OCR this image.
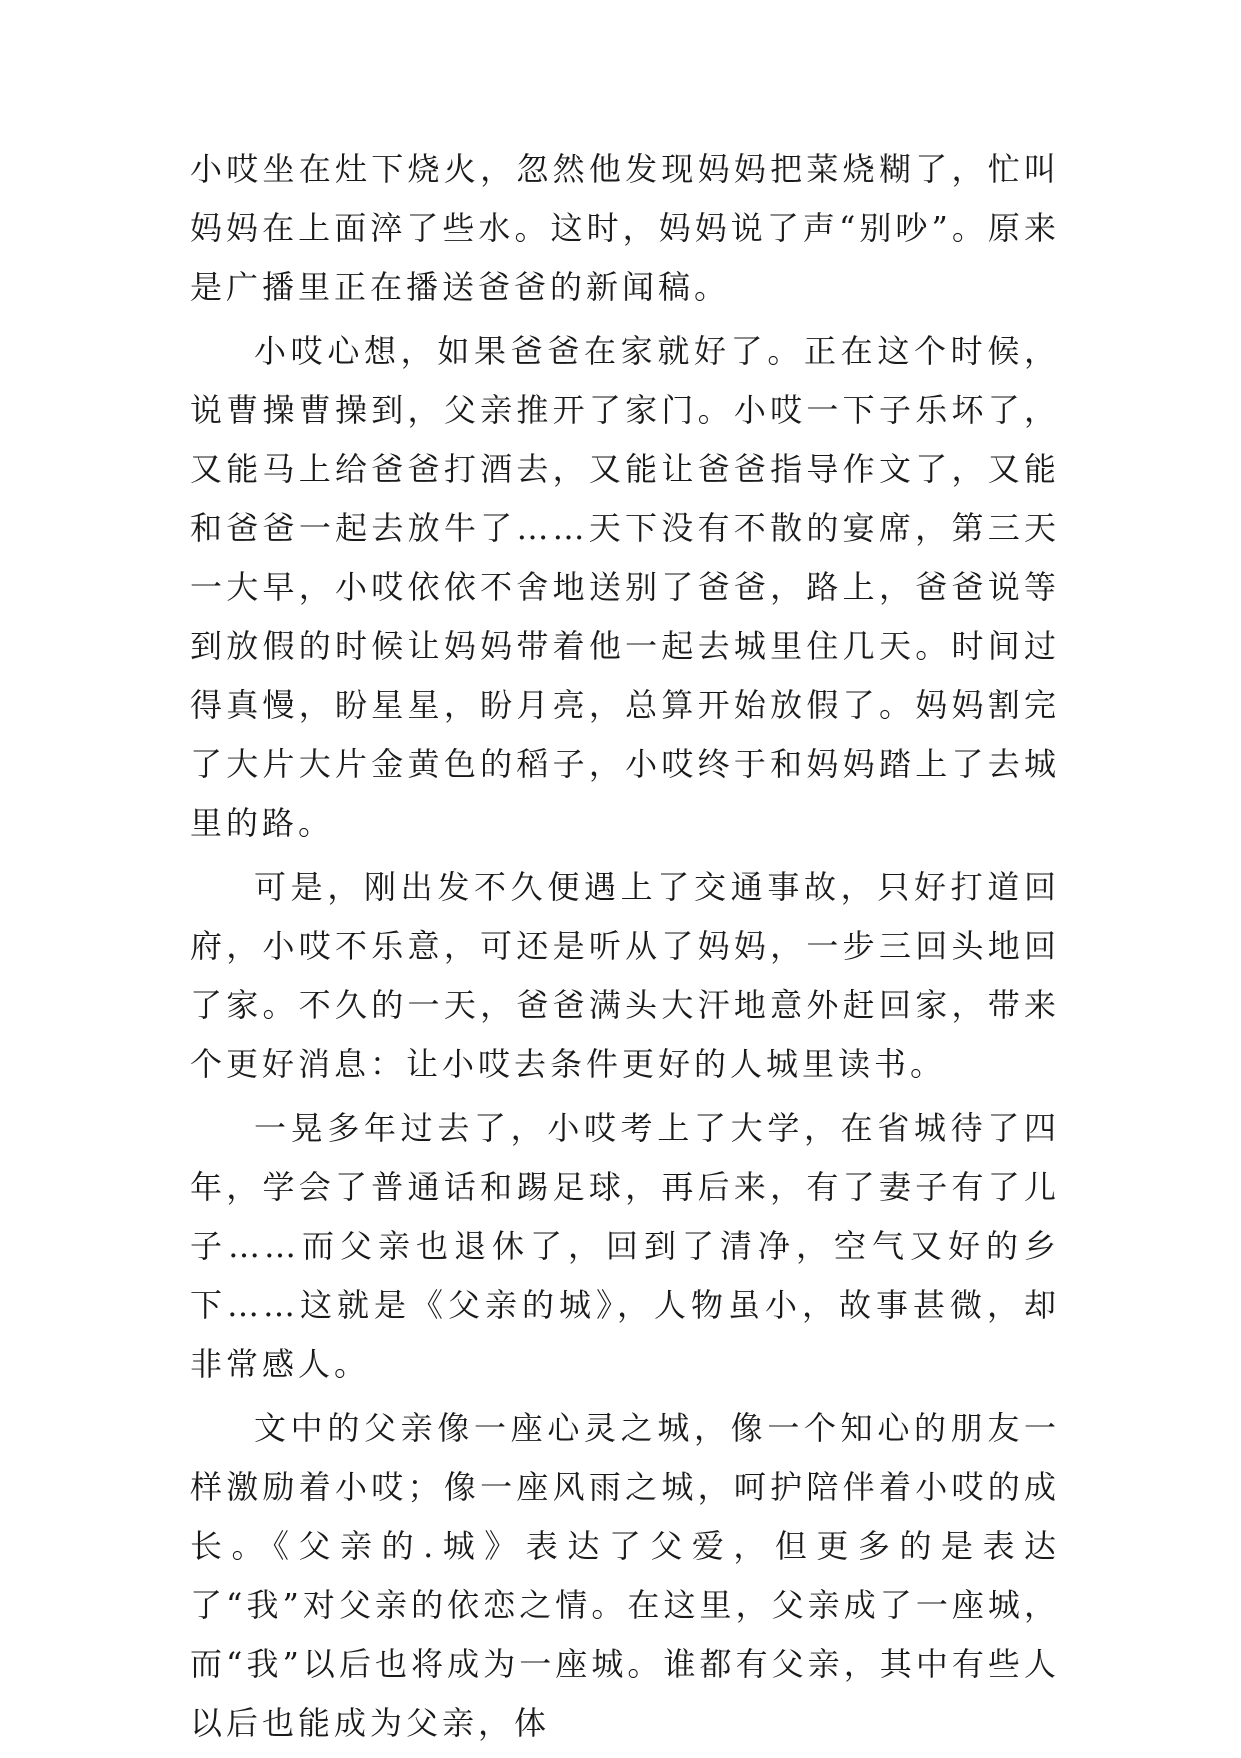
小哎坐在灶下烧火，忽然他发现妈妈把菜烧糊了，忙叫妈妈在上面淬了些水。这时，妈妈说了声“别吵”。原来是广播里正在播送爸爸的新闻稿。

小哎心想，如果爸爸在家就好了。正在这个时候，说曹操曹操到，父亲推开了家门。小哎一下子乐坏了，又能马上给爸爸打酒去，又能让爸爸指导作文了，又能和爸爸一起去放牛了……天下没有不散的宴席，第三天一大早，小哎依依不舍地送别了爸爸，路上，爸爸说等到放假的时候让妈妈带着他一起去城里住几天。时间过得真慢，盼星星，盼月亮，总算开始放假了。妈妈割完了大片大片金黄色的稻子，小哎终于和妈妈踏上了去城里的路。

可是，刚出发不久便遇上了交通事故，只好打道回府，小哎不乐意，可还是听从了妈妈，一步三回头地回了家。不久的一天，爸爸满头大汗地意外赶回家，带来个更好消息：让小哎去条件更好的人城里读书。

一晃多年过去了，小哎考上了大学，在省城待了四年，学会了普通话和踢足球，再后来，有了妻子有了儿子……而父亲也退休了，回到了清净，空气又好的乡下……这就是《父亲的城》，人物虽小，故事甚微，却非常感人。

文中的父亲像一座心灵之城，像一个知心的朋友一样激励着小哎；像一座风雨之城，呵护陪伴着小哎的成长。《父亲的.城》表达了父爱，但更多的是表达了“我”对父亲的依恋之情。在这里，父亲成了一座城，而“我”以后也将成为一座城。谁都有父亲，其中有些人以后也能成为父亲，体
